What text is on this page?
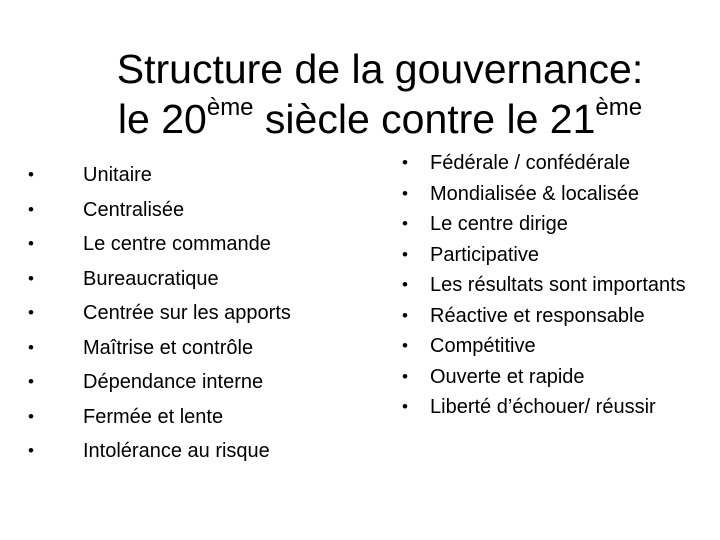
Structure de la gouvernance:
le 20ème siècle contre le 21ème
• Unitaire
• Centralisée
• Le centre commande
• Bureaucratique
• Centrée sur les apports
• Maîtrise et contrôle
• Dépendance interne
• Fermée et lente
• Intolérance au risque
• Fédérale / confédérale
• Mondialisée & localisée
• Le centre dirige
• Participative
• Les résultats sont importants
• Réactive et responsable
• Compétitive
• Ouverte et rapide
• Liberté d’échouer/ réussir
